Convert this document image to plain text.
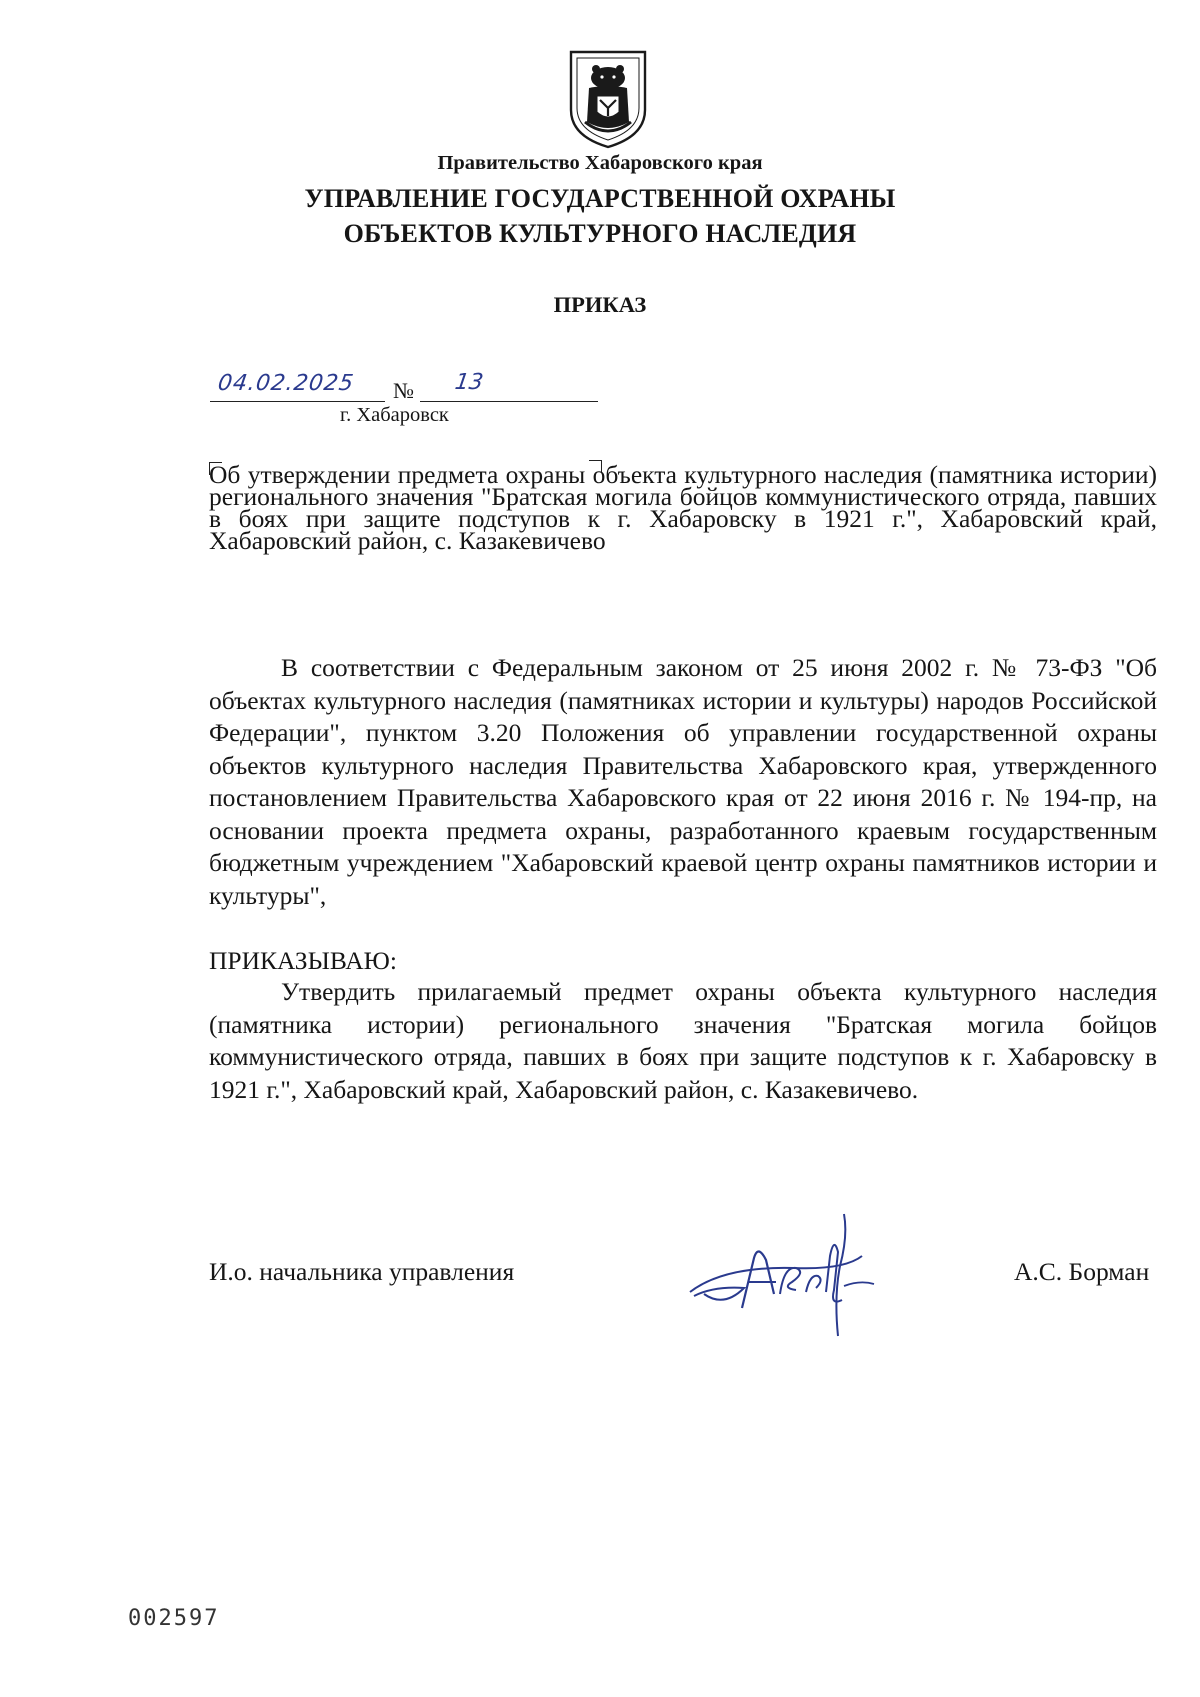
Правительство Хабаровского края
УПРАВЛЕНИЕ ГОСУДАРСТВЕННОЙ ОХРАНЫ
ОБЪЕКТОВ КУЛЬТУРНОГО НАСЛЕДИЯ
ПРИКАЗ
04.02.2025 № 13
г. Хабаровск
Об утверждении предмета охраны объекта культурного наследия (памятника истории) регионального значения "Братская могила бойцов коммунистического отряда, павших в боях при защите подступов к г. Хабаровску в 1921 г.", Хабаровский край, Хабаровский район, с. Казакевичево

В соответствии с Федеральным законом от 25 июня 2002 г. № 73-ФЗ "Об объектах культурного наследия (памятниках истории и культуры) народов Российской Федерации", пунктом 3.20 Положения об управлении государственной охраны объектов культурного наследия Правительства Хабаровского края, утвержденного постановлением Правительства Хабаровского края от 22 июня 2016 г. № 194-пр, на основании проекта предмета охраны, разработанного краевым государственным бюджетным учреждением "Хабаровский краевой центр охраны памятников истории и культуры",

ПРИКАЗЫВАЮ:

Утвердить прилагаемый предмет охраны объекта культурного наследия (памятника истории) регионального значения "Братская могила бойцов коммунистического отряда, павших в боях при защите подступов к г. Хабаровску в 1921 г.", Хабаровский край, Хабаровский район, с. Казакевичево.

И.о. начальника управления	А.С. Борман
002597
